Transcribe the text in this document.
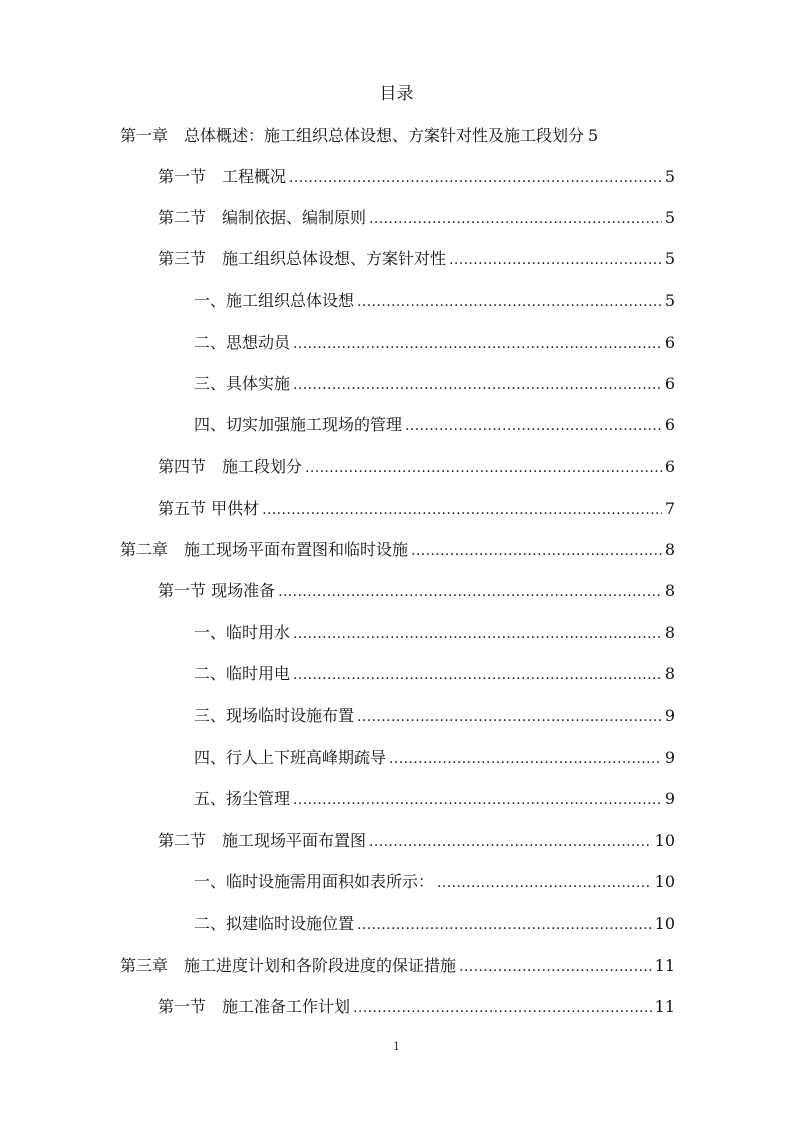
目录
第一章　总体概述：施工组织总体设想、方案针对性及施工段划分 5
第一节　工程概况 .....	5
第二节　编制依据、编制原则 .....	5
第三节　施工组织总体设想、方案针对性 .....	5
一、施工组织总体设想 .....	5
二、思想动员 .....	6
三、具体实施 .....	6
四、切实加强施工现场的管理 .....	6
第四节　施工段划分 .....	6
第五节 甲供材 .....	7
第二章　施工现场平面布置图和临时设施 .....	8
第一节 现场准备 .....	8
一、临时用水 .....	8
二、临时用电 .....	8
三、现场临时设施布置 .....	9
四、行人上下班高峰期疏导 .....	9
五、扬尘管理 .....	9
第二节　施工现场平面布置图 .....	10
一、临时设施需用面积如表所示： .....	10
二、拟建临时设施位置 .....	10
第三章　施工进度计划和各阶段进度的保证措施 .....	11
第一节　施工准备工作计划 .....	11
1
